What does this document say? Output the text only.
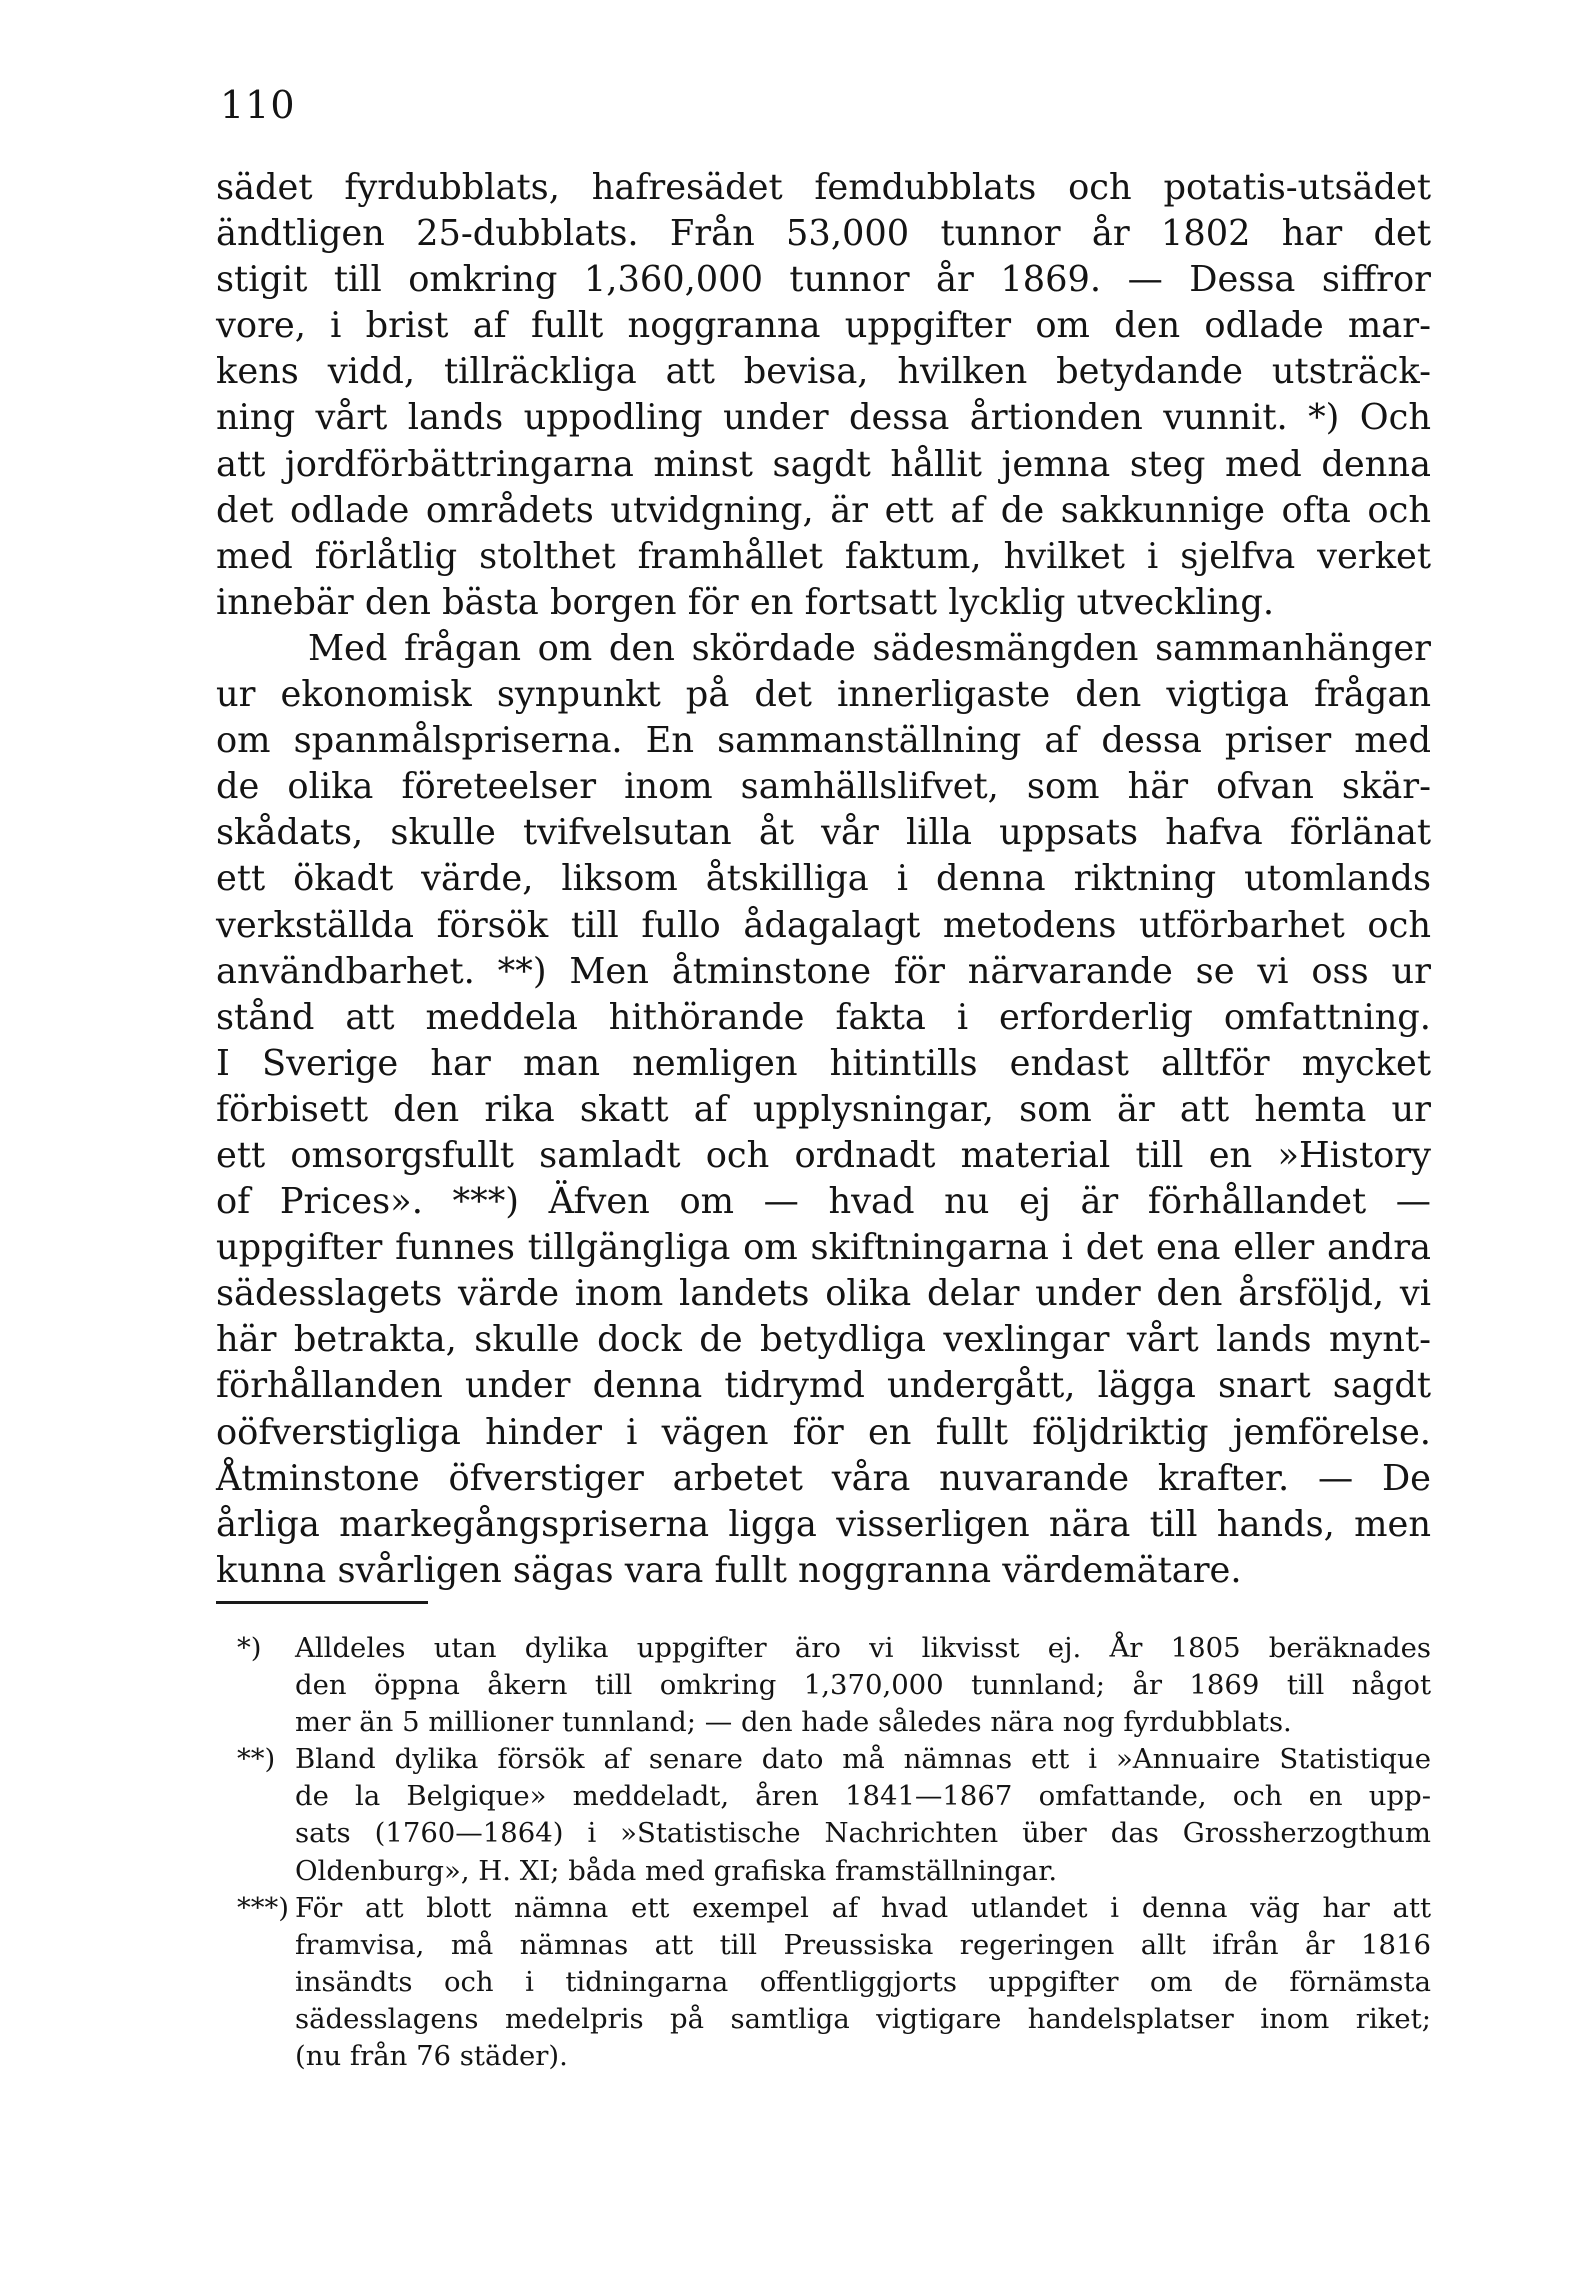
110
sädet fyrdubblats, hafresädet femdubblats och potatis-utsädet
ändtligen 25-dubblats. Från 53,000 tunnor år 1802 har det
stigit till omkring 1,360,000 tunnor år 1869. — Dessa siffror
vore, i brist af fullt noggranna uppgifter om den odlade mar-
kens vidd, tillräckliga att bevisa, hvilken betydande utsträck-
ning vårt lands uppodling under dessa årtionden vunnit. *) Och
att jordförbättringarna minst sagdt hållit jemna steg med denna
det odlade områdets utvidgning, är ett af de sakkunnige ofta och
med förlåtlig stolthet framhållet faktum, hvilket i sjelfva verket
innebär den bästa borgen för en fortsatt lycklig utveckling.
Med frågan om den skördade sädesmängden sammanhänger
ur ekonomisk synpunkt på det innerligaste den vigtiga frågan
om spanmålspriserna. En sammanställning af dessa priser med
de olika företeelser inom samhällslifvet, som här ofvan skär-
skådats, skulle tvifvelsutan åt vår lilla uppsats hafva förlänat
ett ökadt värde, liksom åtskilliga i denna riktning utomlands
verkställda försök till fullo ådagalagt metodens utförbarhet och
användbarhet. **) Men åtminstone för närvarande se vi oss ur
stånd att meddela hithörande fakta i erforderlig omfattning.
I Sverige har man nemligen hitintills endast alltför mycket
förbisett den rika skatt af upplysningar, som är att hemta ur
ett omsorgsfullt samladt och ordnadt material till en »History
of Prices». ***) Äfven om — hvad nu ej är förhållandet —
uppgifter funnes tillgängliga om skiftningarna i det ena eller andra
sädesslagets värde inom landets olika delar under den årsföljd, vi
här betrakta, skulle dock de betydliga vexlingar vårt lands mynt-
förhållanden under denna tidrymd undergått, lägga snart sagdt
oöfverstigliga hinder i vägen för en fullt följdriktig jemförelse.
Åtminstone öfverstiger arbetet våra nuvarande krafter. — De
årliga markegångspriserna ligga visserligen nära till hands, men
kunna svårligen sägas vara fullt noggranna värdemätare.
*) Alldeles utan dylika uppgifter äro vi likvisst ej. År 1805 beräknades
den öppna åkern till omkring 1,370,000 tunnland; år 1869 till något
mer än 5 millioner tunnland; — den hade således nära nog fyrdubblats.
**) Bland dylika försök af senare dato må nämnas ett i »Annuaire Statistique
de la Belgique» meddeladt, åren 1841—1867 omfattande, och en upp-
sats (1760—1864) i »Statistische Nachrichten über das Grossherzogthum
Oldenburg», H. XI; båda med grafiska framställningar.
***) För att blott nämna ett exempel af hvad utlandet i denna väg har att
framvisa, må nämnas att till Preussiska regeringen allt ifrån år 1816
insändts och i tidningarna offentliggjorts uppgifter om de förnämsta
sädesslagens medelpris på samtliga vigtigare handelsplatser inom riket;
(nu från 76 städer).
